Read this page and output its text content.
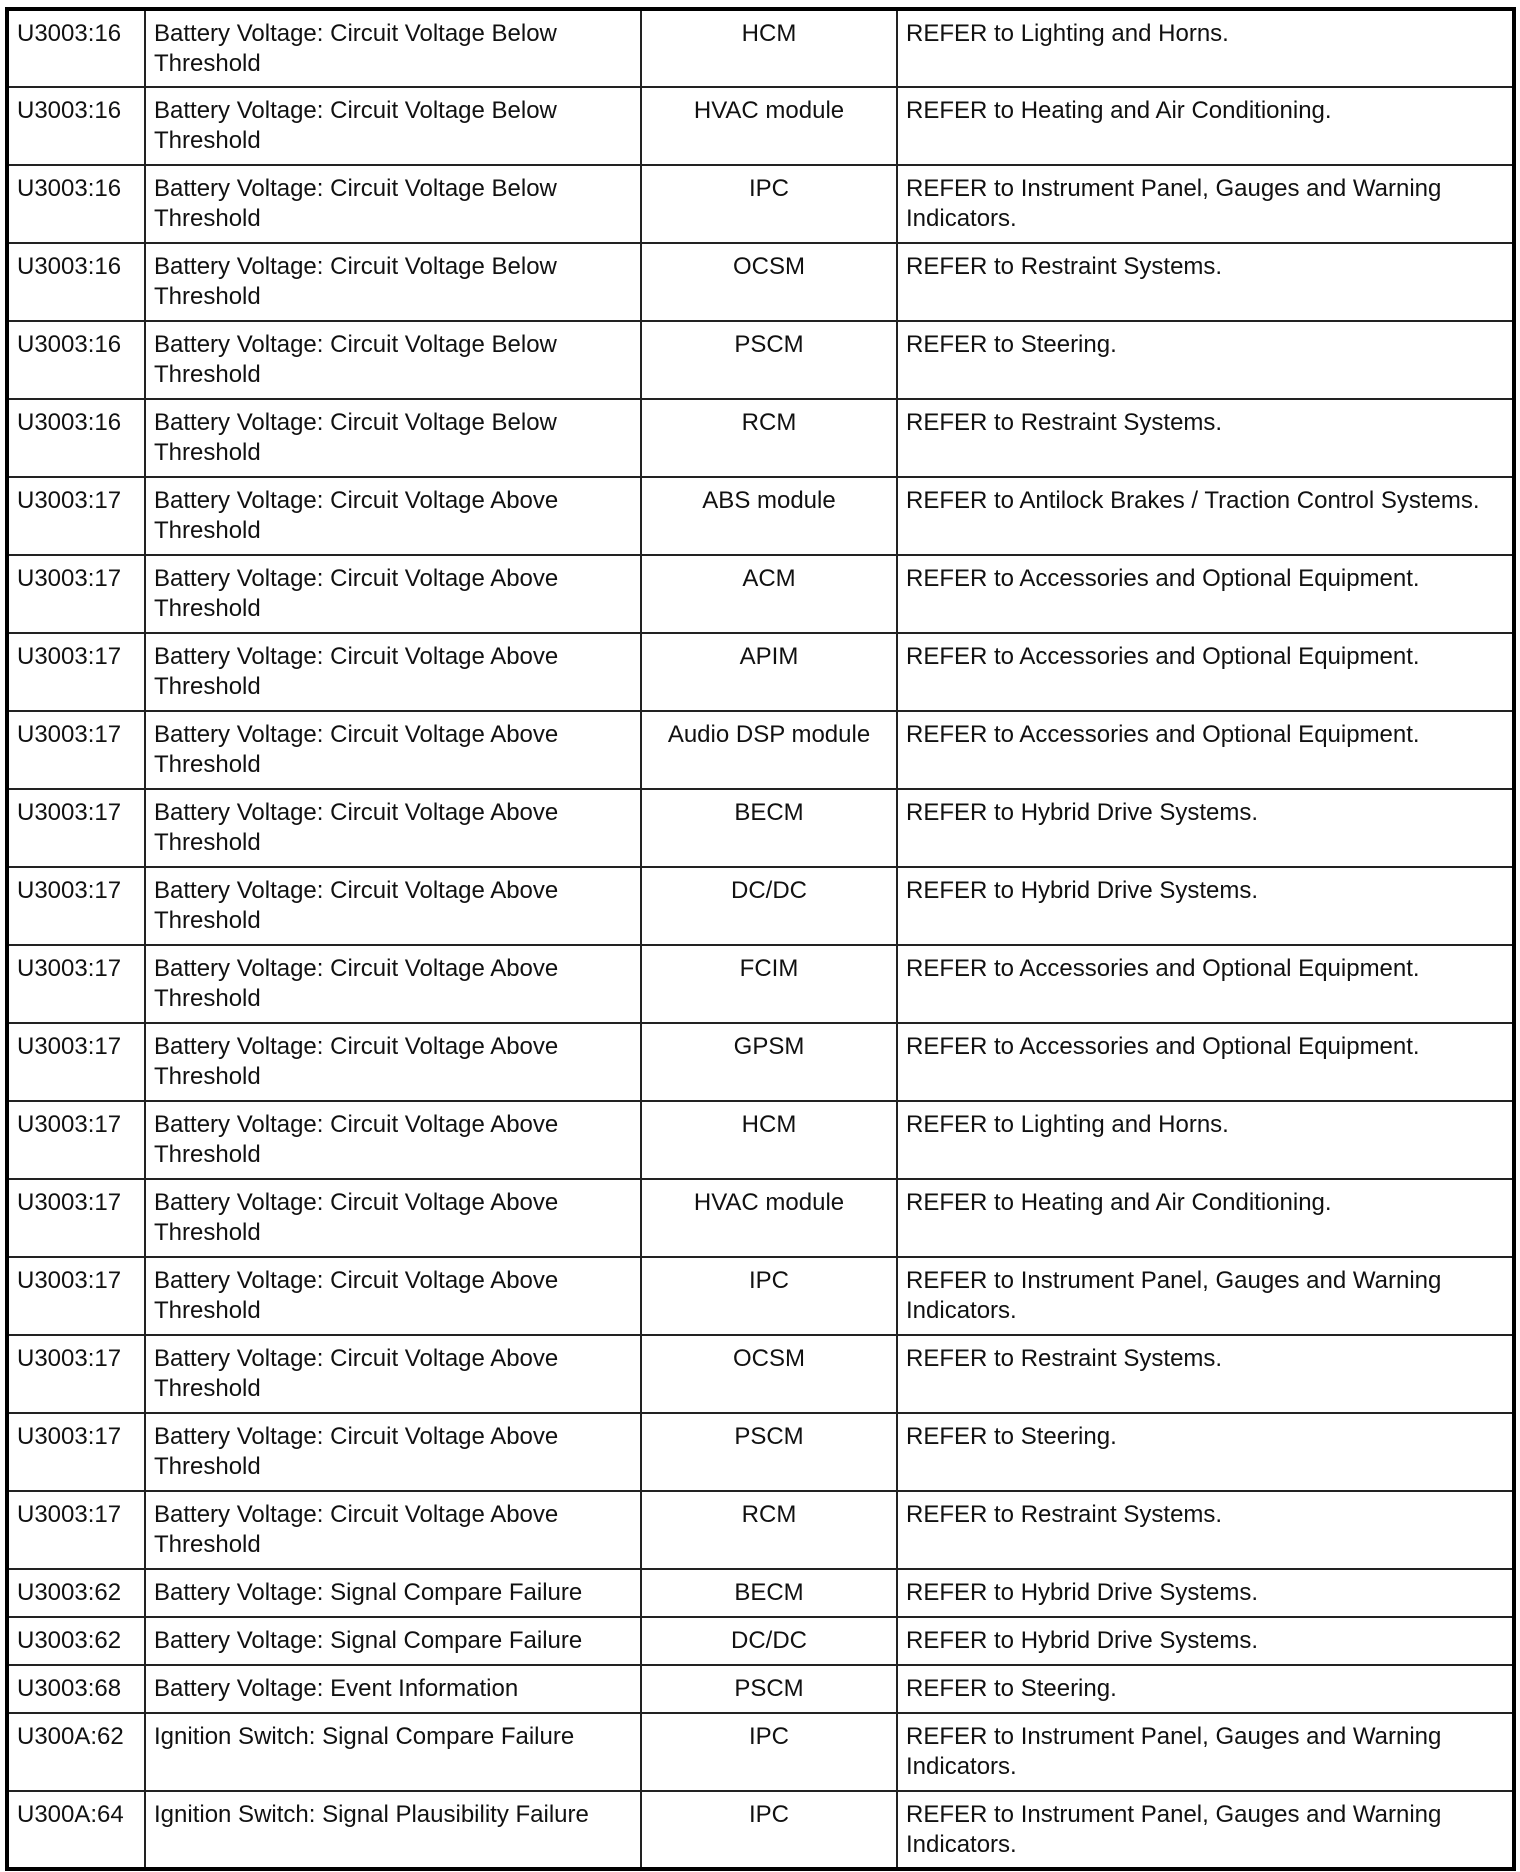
U3003:16	Battery Voltage: Circuit Voltage Below Threshold	HCM	REFER to Lighting and Horns.
U3003:16	Battery Voltage: Circuit Voltage Below Threshold	HVAC module	REFER to Heating and Air Conditioning.
U3003:16	Battery Voltage: Circuit Voltage Below Threshold	IPC	REFER to Instrument Panel, Gauges and Warning Indicators.
U3003:16	Battery Voltage: Circuit Voltage Below Threshold	OCSM	REFER to Restraint Systems.
U3003:16	Battery Voltage: Circuit Voltage Below Threshold	PSCM	REFER to Steering.
U3003:16	Battery Voltage: Circuit Voltage Below Threshold	RCM	REFER to Restraint Systems.
U3003:17	Battery Voltage: Circuit Voltage Above Threshold	ABS module	REFER to Antilock Brakes / Traction Control Systems.
U3003:17	Battery Voltage: Circuit Voltage Above Threshold	ACM	REFER to Accessories and Optional Equipment.
U3003:17	Battery Voltage: Circuit Voltage Above Threshold	APIM	REFER to Accessories and Optional Equipment.
U3003:17	Battery Voltage: Circuit Voltage Above Threshold	Audio DSP module	REFER to Accessories and Optional Equipment.
U3003:17	Battery Voltage: Circuit Voltage Above Threshold	BECM	REFER to Hybrid Drive Systems.
U3003:17	Battery Voltage: Circuit Voltage Above Threshold	DC/DC	REFER to Hybrid Drive Systems.
U3003:17	Battery Voltage: Circuit Voltage Above Threshold	FCIM	REFER to Accessories and Optional Equipment.
U3003:17	Battery Voltage: Circuit Voltage Above Threshold	GPSM	REFER to Accessories and Optional Equipment.
U3003:17	Battery Voltage: Circuit Voltage Above Threshold	HCM	REFER to Lighting and Horns.
U3003:17	Battery Voltage: Circuit Voltage Above Threshold	HVAC module	REFER to Heating and Air Conditioning.
U3003:17	Battery Voltage: Circuit Voltage Above Threshold	IPC	REFER to Instrument Panel, Gauges and Warning Indicators.
U3003:17	Battery Voltage: Circuit Voltage Above Threshold	OCSM	REFER to Restraint Systems.
U3003:17	Battery Voltage: Circuit Voltage Above Threshold	PSCM	REFER to Steering.
U3003:17	Battery Voltage: Circuit Voltage Above Threshold	RCM	REFER to Restraint Systems.
U3003:62	Battery Voltage: Signal Compare Failure	BECM	REFER to Hybrid Drive Systems.
U3003:62	Battery Voltage: Signal Compare Failure	DC/DC	REFER to Hybrid Drive Systems.
U3003:68	Battery Voltage: Event Information	PSCM	REFER to Steering.
U300A:62	Ignition Switch: Signal Compare Failure	IPC	REFER to Instrument Panel, Gauges and Warning Indicators.
U300A:64	Ignition Switch: Signal Plausibility Failure	IPC	REFER to Instrument Panel, Gauges and Warning Indicators.
